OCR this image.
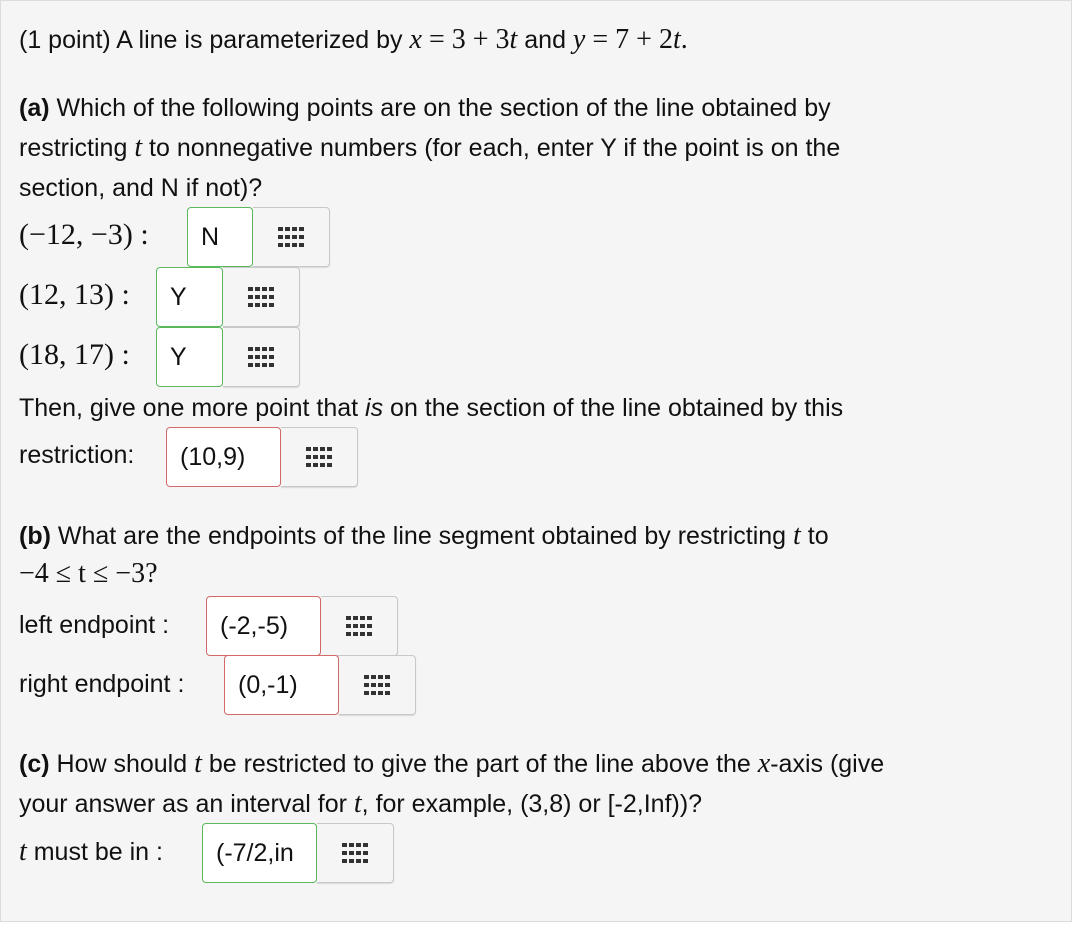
(1 point) A line is parameterized by x = 3 + 3t and y = 7 + 2t.
(a) Which of the following points are on the section of the line obtained by
restricting t to nonnegative numbers (for each, enter Y if the point is on the
section, and N if not)?
(−12, −3) : N
(12, 13) : Y
(18, 17) : Y
Then, give one more point that is on the section of the line obtained by this
restriction: (10,9)
(b) What are the endpoints of the line segment obtained by restricting t to
−4 ≤ t ≤ −3?
left endpoint : (-2,-5)
right endpoint : (0,-1)
(c) How should t be restricted to give the part of the line above the x-axis (give
your answer as an interval for t, for example, (3,8) or [-2,Inf))?
t must be in : (-7/2,in
